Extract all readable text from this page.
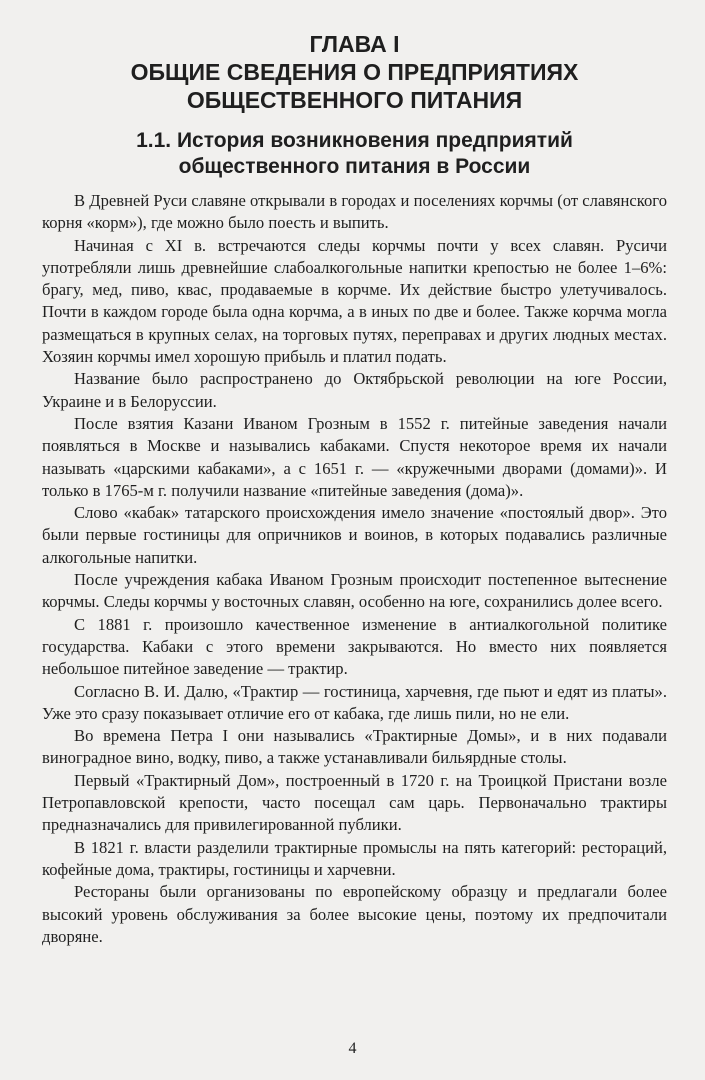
ГЛАВА I
ОБЩИЕ СВЕДЕНИЯ О ПРЕДПРИЯТИЯХ
ОБЩЕСТВЕННОГО ПИТАНИЯ
1.1. История возникновения предприятий
общественного питания в России

В Древней Руси славяне открывали в городах и поселениях корчмы (от славянского корня «корм»), где можно было поесть и выпить.

Начиная с XI в. встречаются следы корчмы почти у всех славян. Русичи употребляли лишь древнейшие слабоалкогольные напитки крепостью не более 1–6%: брагу, мед, пиво, квас, продаваемые в корчме. Их действие быстро улетучивалось. Почти в каждом городе была одна корчма, а в иных по две и более. Также корчма могла размещаться в крупных селах, на торговых путях, переправах и других людных местах. Хозяин корчмы имел хорошую прибыль и платил подать.

Название было распространено до Октябрьской революции на юге России, Украине и в Белоруссии.

После взятия Казани Иваном Грозным в 1552 г. питейные заведения начали появляться в Москве и назывались кабаками. Спустя некоторое время их начали называть «царскими кабаками», а с 1651 г. — «кружечными дворами (домами)». И только в 1765-м г. получили название «питейные заведения (дома)».

Слово «кабак» татарского происхождения имело значение «постоялый двор». Это были первые гостиницы для опричников и воинов, в которых подавались различные алкогольные напитки.

После учреждения кабака Иваном Грозным происходит постепенное вытеснение корчмы. Следы корчмы у восточных славян, особенно на юге, сохранились долее всего.

С 1881 г. произошло качественное изменение в антиалкогольной политике государства. Кабаки с этого времени закрываются. Но вместо них появляется небольшое питейное заведение — трактир.

Согласно В. И. Далю, «Трактир — гостиница, харчевня, где пьют и едят из платы». Уже это сразу показывает отличие его от кабака, где лишь пили, но не ели.

Во времена Петра I они назывались «Трактирные Домы», и в них подавали виноградное вино, водку, пиво, а также устанавливали бильярдные столы.

Первый «Трактирный Дом», построенный в 1720 г. на Троицкой Пристани возле Петропавловской крепости, часто посещал сам царь. Первоначально трактиры предназначались для привилегированной публики.

В 1821 г. власти разделили трактирные промыслы на пять категорий: рестораций, кофейные дома, трактиры, гостиницы и харчевни.

Рестораны были организованы по европейскому образцу и предлагали более высокий уровень обслуживания за более высокие цены, поэтому их предпочитали дворяне.

4
